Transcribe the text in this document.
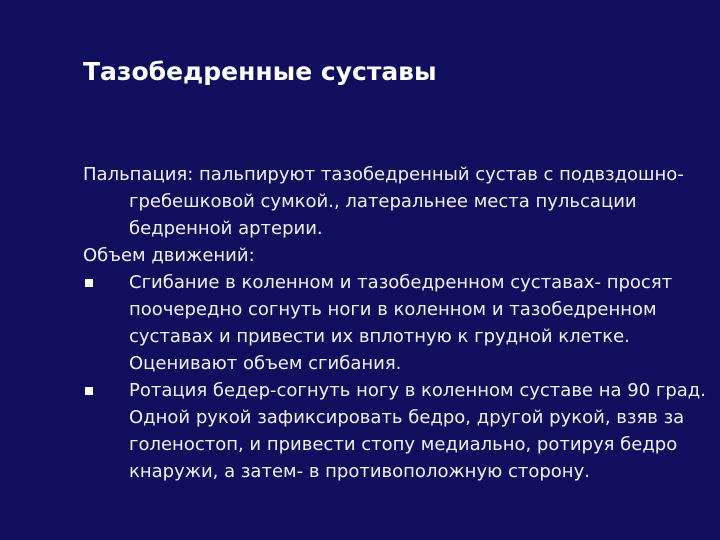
Тазобедренные суставы

Пальпация: пальпируют тазобедренный сустав с подвздошно-гребешковой сумкой., латеральнее места пульсации бедренной артерии.

Объем движений:

Сгибание в коленном и тазобедренном суставах- просят поочередно согнуть ноги в коленном и тазобедренном суставах и привести их вплотную к грудной клетке. Оценивают объем сгибания.
Ротация бедер-согнуть ногу в коленном суставе на 90 град. Одной рукой зафиксировать бедро, другой рукой, взяв за голеностоп, и привести стопу медиально, ротируя бедро кнаружи, а затем- в противоположную сторону.
